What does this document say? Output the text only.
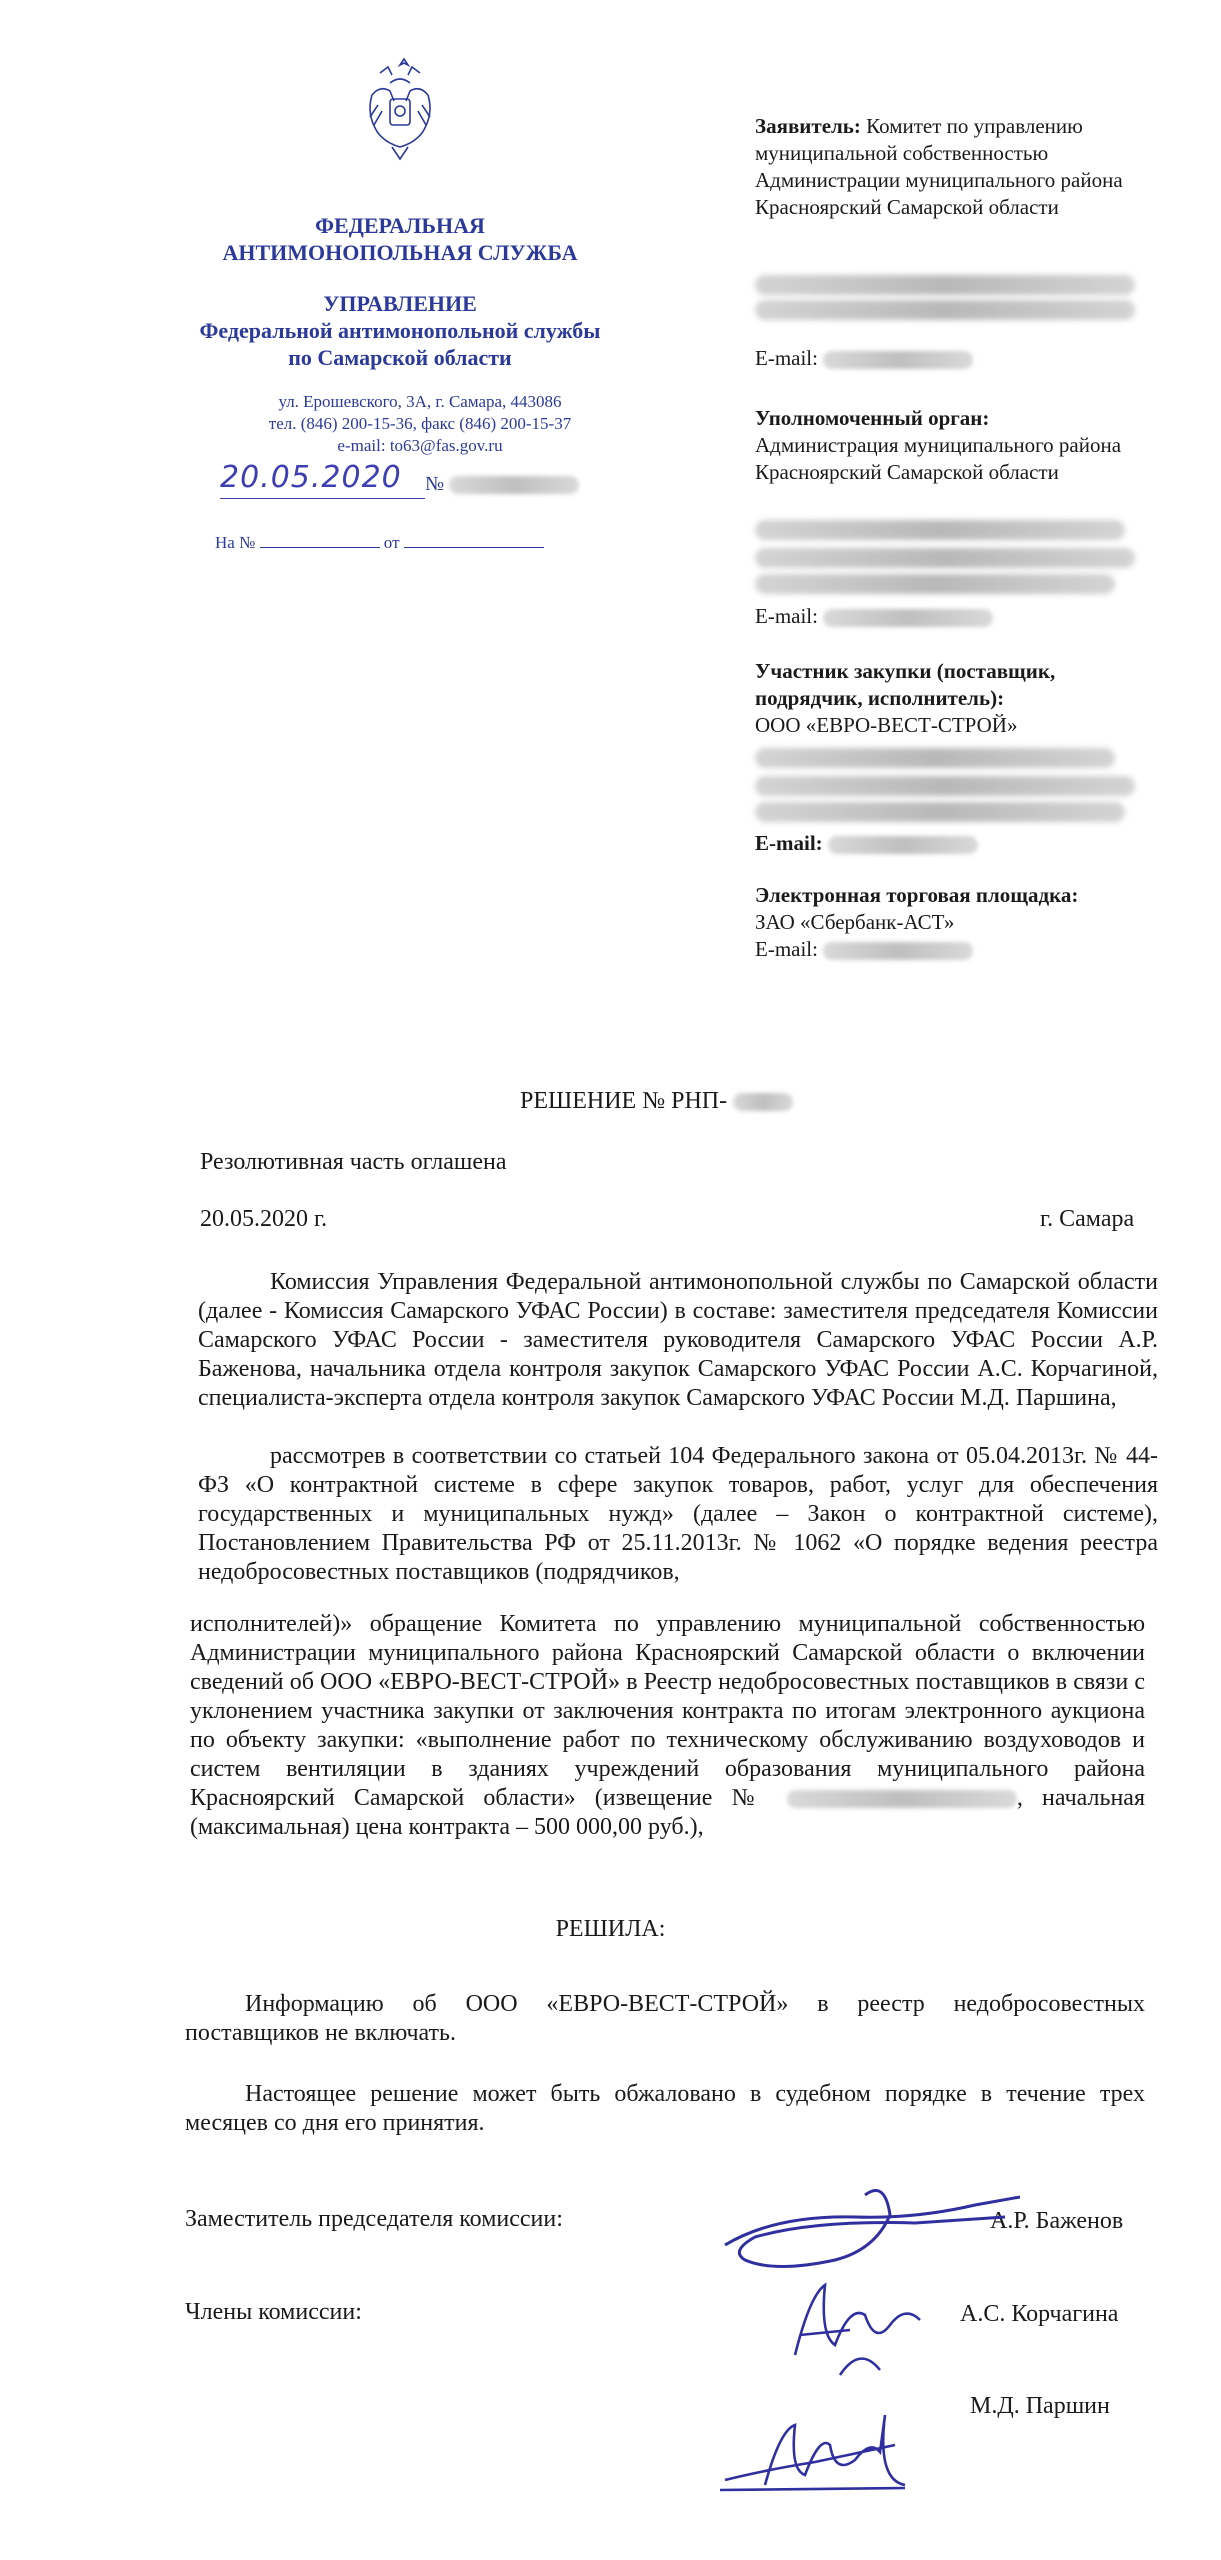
ФЕДЕРАЛЬНАЯ
АНТИМОНОПОЛЬНАЯ СЛУЖБА
УПРАВЛЕНИЕ
Федеральной антимонопольной службы
по Самарской области
ул. Ерошевского, 3А, г. Самара, 443086
тел. (846) 200-15-36, факс (846) 200-15-37
e-mail: to63@fas.gov.ru
20.05.2020 №
На №	от
Заявитель: Комитет по управлению муниципальной собственностью Администрации муниципального района Красноярский Самарской области
E-mail:
Уполномоченный орган:
Администрация муниципального района Красноярский Самарской области
E-mail:
Участник закупки (поставщик, подрядчик, исполнитель):
ООО «ЕВРО-ВЕСТ-СТРОЙ»
E-mail:
Электронная торговая площадка:
ЗАО «Сбербанк-АСТ»
E-mail:
РЕШЕНИЕ № РНП-
Резолютивная часть оглашена
20.05.2020 г.	г. Самара
Комиссия Управления Федеральной антимонопольной службы по Самарской области (далее - Комиссия Самарского УФАС России) в составе: заместителя председателя Комиссии Самарского УФАС России - заместителя руководителя Самарского УФАС России А.Р. Баженова, начальника отдела контроля закупок Самарского УФАС России А.С. Корчагиной, специалиста-эксперта отдела контроля закупок Самарского УФАС России М.Д. Паршина,
рассмотрев в соответствии со статьей 104 Федерального закона от 05.04.2013г. № 44-ФЗ «О контрактной системе в сфере закупок товаров, работ, услуг для обеспечения государственных и муниципальных нужд» (далее – Закон о контрактной системе), Постановлением Правительства РФ от 25.11.2013г. № 1062 «О порядке ведения реестра недобросовестных поставщиков (подрядчиков,
исполнителей)» обращение Комитета по управлению муниципальной собственностью Администрации муниципального района Красноярский Самарской области о включении сведений об ООО «ЕВРО-ВЕСТ-СТРОЙ» в Реестр недобросовестных поставщиков в связи с уклонением участника закупки от заключения контракта по итогам электронного аукциона по объекту закупки: «выполнение работ по техническому обслуживанию воздуховодов и систем вентиляции в зданиях учреждений образования муниципального района Красноярский Самарской области» (извещение №	, начальная (максимальная) цена контракта – 500 000,00 руб.),
РЕШИЛА:
Информацию об ООО «ЕВРО-ВЕСТ-СТРОЙ» в реестр недобросовестных поставщиков не включать.
Настоящее решение может быть обжаловано в судебном порядке в течение трех месяцев со дня его принятия.
Заместитель председателя комиссии:	А.Р. Баженов
Члены комиссии:	А.С. Корчагина
М.Д. Паршин
